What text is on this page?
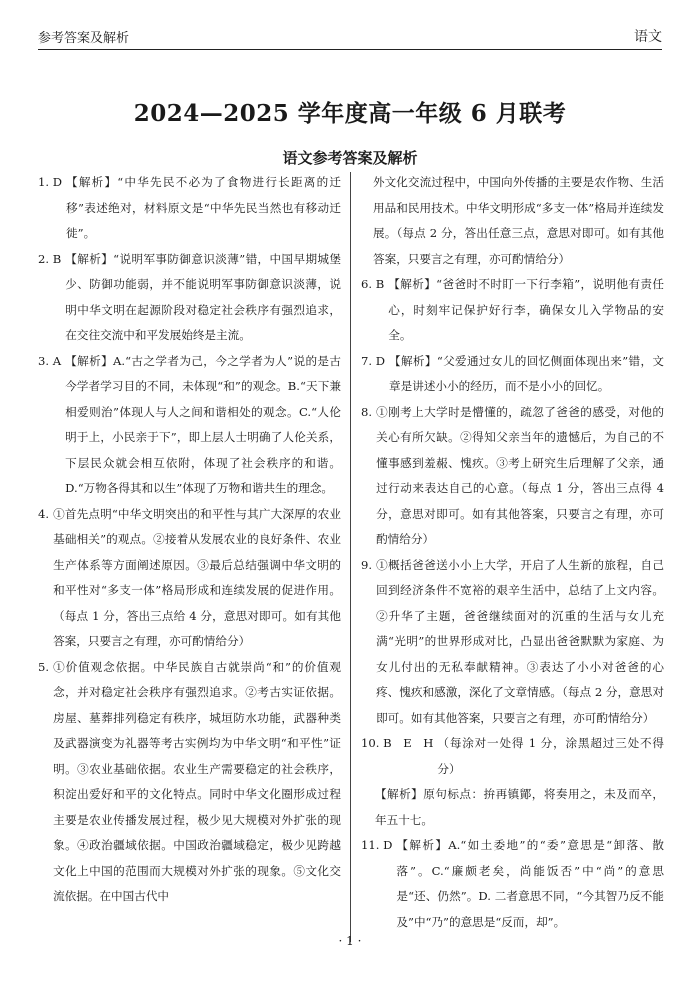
参考答案及解析	语文
2024—2025 学年度高一年级 6 月联考
语文参考答案及解析
1. D 【解析】“中华先民不必为了食物进行长距离的迁移”表述绝对，材料原文是“中华先民当然也有移动迁徙”。
2. B 【解析】“说明军事防御意识淡薄”错，中国早期城堡少、防御功能弱，并不能说明军事防御意识淡薄，说明中华文明在起源阶段对稳定社会秩序有强烈追求，在交往交流中和平发展始终是主流。
3. A 【解析】A.“古之学者为己，今之学者为人”说的是古今学者学习目的不同，未体现“和”的观念。B.“天下兼相爱则治”体现人与人之间和谐相处的观念。C.“人伦明于上，小民亲于下”，即上层人士明确了人伦关系，下层民众就会相互依附，体现了社会秩序的和谐。D.“万物各得其和以生”体现了万物和谐共生的理念。
4. ①首先点明“中华文明突出的和平性与其广大深厚的农业基础相关”的观点。②接着从发展农业的良好条件、农业生产体系等方面阐述原因。③最后总结强调中华文明的和平性对“多支一体”格局形成和连续发展的促进作用。（每点 1 分，答出三点给 4 分，意思对即可。如有其他答案，只要言之有理，亦可酌情给分）
5. ①价值观念依据。中华民族自古就崇尚“和”的价值观念，并对稳定社会秩序有强烈追求。②考古实证依据。房屋、墓葬排列稳定有秩序，城垣防水功能，武器种类及武器演变为礼器等考古实例均为中华文明“和平性”证明。③农业基础依据。农业生产需要稳定的社会秩序，积淀出爱好和平的文化特点。同时中华文化圈形成过程主要是农业传播发展过程，极少见大规模对外扩张的现象。④政治疆域依据。中国政治疆域稳定，极少见跨越文化上中国的范围而大规模对外扩张的现象。⑤文化交流依据。在中国古代中

外文化交流过程中，中国向外传播的主要是农作物、生活用品和民用技术。中华文明形成“多支一体”格局并连续发展。（每点 2 分，答出任意三点，意思对即可。如有其他答案，只要言之有理，亦可酌情给分）

6. B 【解析】“爸爸时不时盯一下行李箱”，说明他有责任心，时刻牢记保护好行李，确保女儿入学物品的安全。
7. D 【解析】“父爱通过女儿的回忆侧面体现出来”错，文章是讲述小小的经历，而不是小小的回忆。
8. ①刚考上大学时是懵懂的，疏忽了爸爸的感受，对他的关心有所欠缺。②得知父亲当年的遗憾后，为自己的不懂事感到羞赧、愧疚。③考上研究生后理解了父亲，通过行动来表达自己的心意。（每点 1 分，答出三点得 4 分，意思对即可。如有其他答案，只要言之有理，亦可酌情给分）
9. ①概括爸爸送小小上大学，开启了人生新的旅程，自己回到经济条件不宽裕的艰辛生活中，总结了上文内容。②升华了主题，爸爸继续面对的沉重的生活与女儿充满“光明”的世界形成对比，凸显出爸爸默默为家庭、为女儿付出的无私奉献精神。③表达了小小对爸爸的心疼、愧疚和感激，深化了文章情感。（每点 2 分，意思对即可。如有其他答案，只要言之有理，亦可酌情给分）
10. B　E　H （每涂对一处得 1 分，涂黑超过三处不得分）

【解析】原句标点：拚再镇鄮，将奏用之，未及而卒，年五十七。

11. D 【解析】A.“如土委地”的“委”意思是“卸落、散落”。C.“廉颇老矣，尚能饭否”中“尚”的意思是“还、仍然”。D. 二者意思不同，“今其智乃反不能及”中“乃”的意思是“反而，却”。
· 1 ·
